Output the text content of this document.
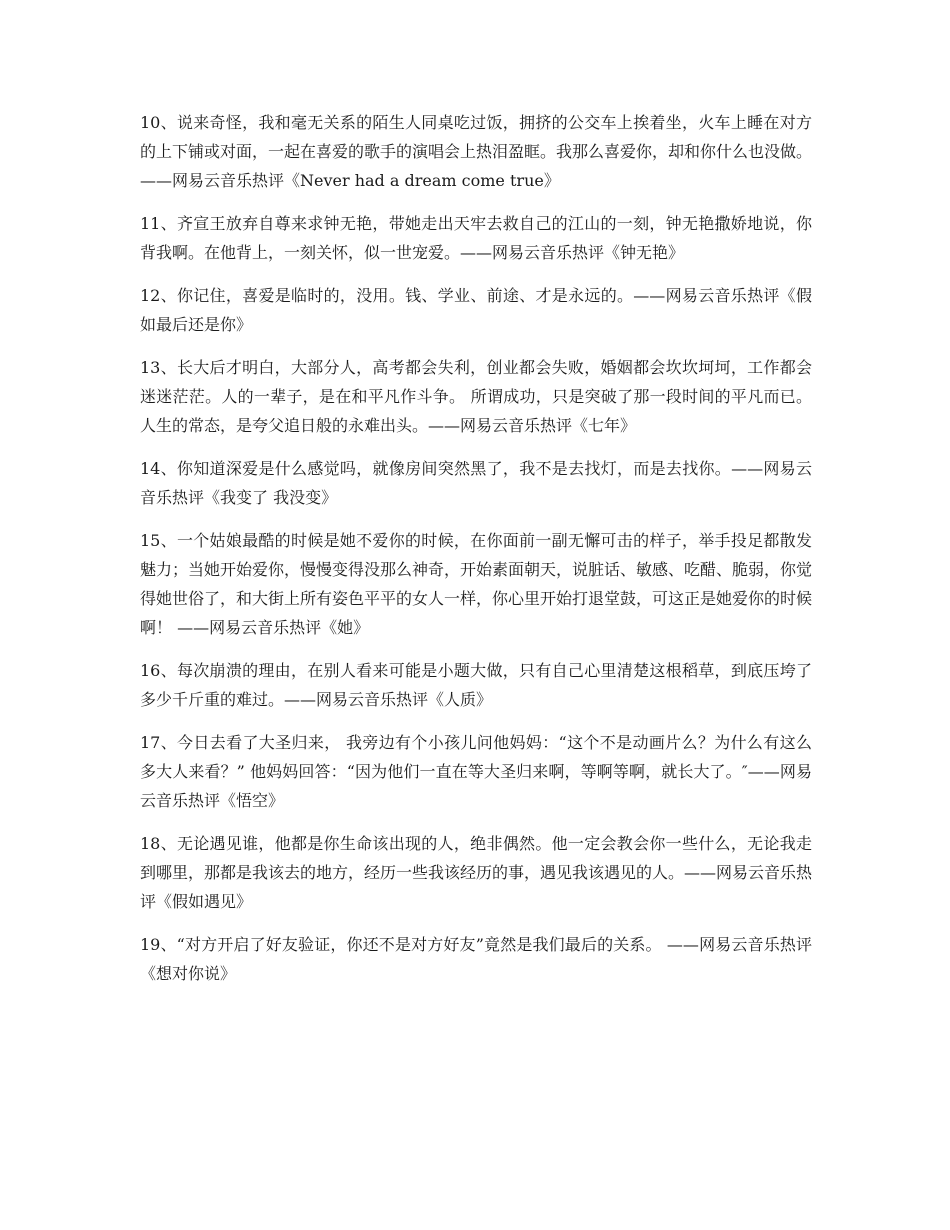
10、说来奇怪，我和毫无关系的陌生人同桌吃过饭，拥挤的公交车上挨着坐，火车上睡在对方的上下铺或对面，一起在喜爱的歌手的演唱会上热泪盈眶。我那么喜爱你，却和你什么也没做。——网易云音乐热评《Never had a dream come true》

11、齐宣王放弃自尊来求钟无艳，带她走出天牢去救自己的江山的一刻，钟无艳撒娇地说，你背我啊。在他背上，一刻关怀，似一世宠爱。——网易云音乐热评《钟无艳》

12、你记住，喜爱是临时的，没用。钱、学业、前途、才是永远的。——网易云音乐热评《假如最后还是你》

13、长大后才明白，大部分人，高考都会失利，创业都会失败，婚姻都会坎坎坷坷，工作都会迷迷茫茫。人的一辈子，是在和平凡作斗争。 所谓成功，只是突破了那一段时间的平凡而已。人生的常态，是夸父追日般的永难出头。——网易云音乐热评《七年》

14、你知道深爱是什么感觉吗，就像房间突然黑了，我不是去找灯，而是去找你。——网易云音乐热评《我变了 我没变》

15、一个姑娘最酷的时候是她不爱你的时候，在你面前一副无懈可击的样子，举手投足都散发魅力；当她开始爱你，慢慢变得没那么神奇，开始素面朝天，说脏话、敏感、吃醋、脆弱，你觉得她世俗了，和大街上所有姿色平平的女人一样，你心里开始打退堂鼓，可这正是她爱你的时候啊！ ——网易云音乐热评《她》

16、每次崩溃的理由，在别人看来可能是小题大做，只有自己心里清楚这根稻草，到底压垮了多少千斤重的难过。——网易云音乐热评《人质》

17、今日去看了大圣归来， 我旁边有个小孩儿问他妈妈：“这个不是动画片么？为什么有这么多大人来看？” 他妈妈回答：“因为他们一直在等大圣归来啊，等啊等啊，就长大了。″——网易云音乐热评《悟空》

18、无论遇见谁，他都是你生命该出现的人，绝非偶然。他一定会教会你一些什么，无论我走到哪里，那都是我该去的地方，经历一些我该经历的事，遇见我该遇见的人。——网易云音乐热评《假如遇见》

19、“对方开启了好友验证，你还不是对方好友”竟然是我们最后的关系。 ——网易云音乐热评《想对你说》
